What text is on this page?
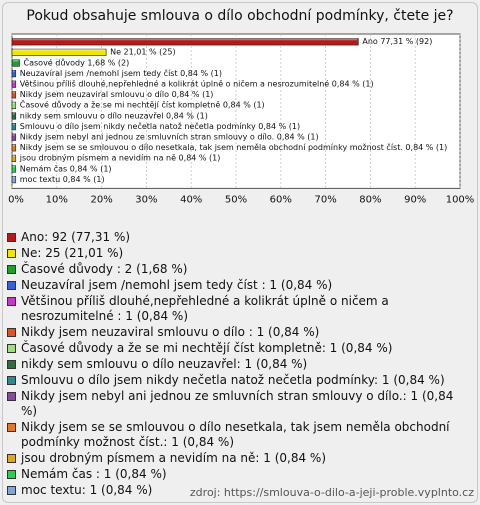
Pokud obsahuje smlouva o dílo obchodní podmínky, čtete je?
0% 10% 20% 30% 40% 50% 60% 70% 80% 90% 100%
Ano 77,31 % (92)
Ne 21,01 % (25)
Časové důvody 1,68 % (2)
Neuzavíral jsem /nemohl jsem tedy číst 0,84 % (1)
Většinou příliš dlouhé,nepřehledné a kolikrát úplně o ničem a nesrozumitelné 0,84 % (1)
Nikdy jsem neuzaviral smlouvu o dílo 0,84 % (1)
Časové důvody a že se mi nechtějí číst kompletně 0,84 % (1)
nikdy sem smlouvu o dílo neuzavřel 0,84 % (1)
Smlouvu o dílo jsem nikdy nečetla natož nečetla podmínky 0,84 % (1)
Nikdy jsem nebyl ani jednou ze smluvních stran smlouvy o dílo. 0,84 % (1)
Nikdy jsem se se smlouvou o dílo nesetkala, tak jsem neměla obchodní podmínky možnost číst. 0,84 % (1)
jsou drobným písmem a nevidím na ně 0,84 % (1)
Nemám čas 0,84 % (1)
moc textu 0,84 % (1)
Ano: 92 (77,31 %)
Ne: 25 (21,01 %)
Časové důvody : 2 (1,68 %)
Neuzavíral jsem /nemohl jsem tedy číst : 1 (0,84 %)
Většinou příliš dlouhé,nepřehledné a kolikrát úplně o ničem a nesrozumitelné : 1 (0,84 %)
Nikdy jsem neuzaviral smlouvu o dílo : 1 (0,84 %)
Časové důvody a že se mi nechtějí číst kompletně: 1 (0,84 %)
nikdy sem smlouvu o dílo neuzavřel: 1 (0,84 %)
Smlouvu o dílo jsem nikdy nečetla natož nečetla podmínky: 1 (0,84 %)
Nikdy jsem nebyl ani jednou ze smluvních stran smlouvy o dílo.: 1 (0,84 %)
Nikdy jsem se se smlouvou o dílo nesetkala, tak jsem neměla obchodní podmínky možnost číst.: 1 (0,84 %)
jsou drobným písmem a nevidím na ně: 1 (0,84 %)
Nemám čas : 1 (0,84 %)
moc textu: 1 (0,84 %)	zdroj: https://smlouva-o-dilo-a-jeji-proble.vyplnto.cz
